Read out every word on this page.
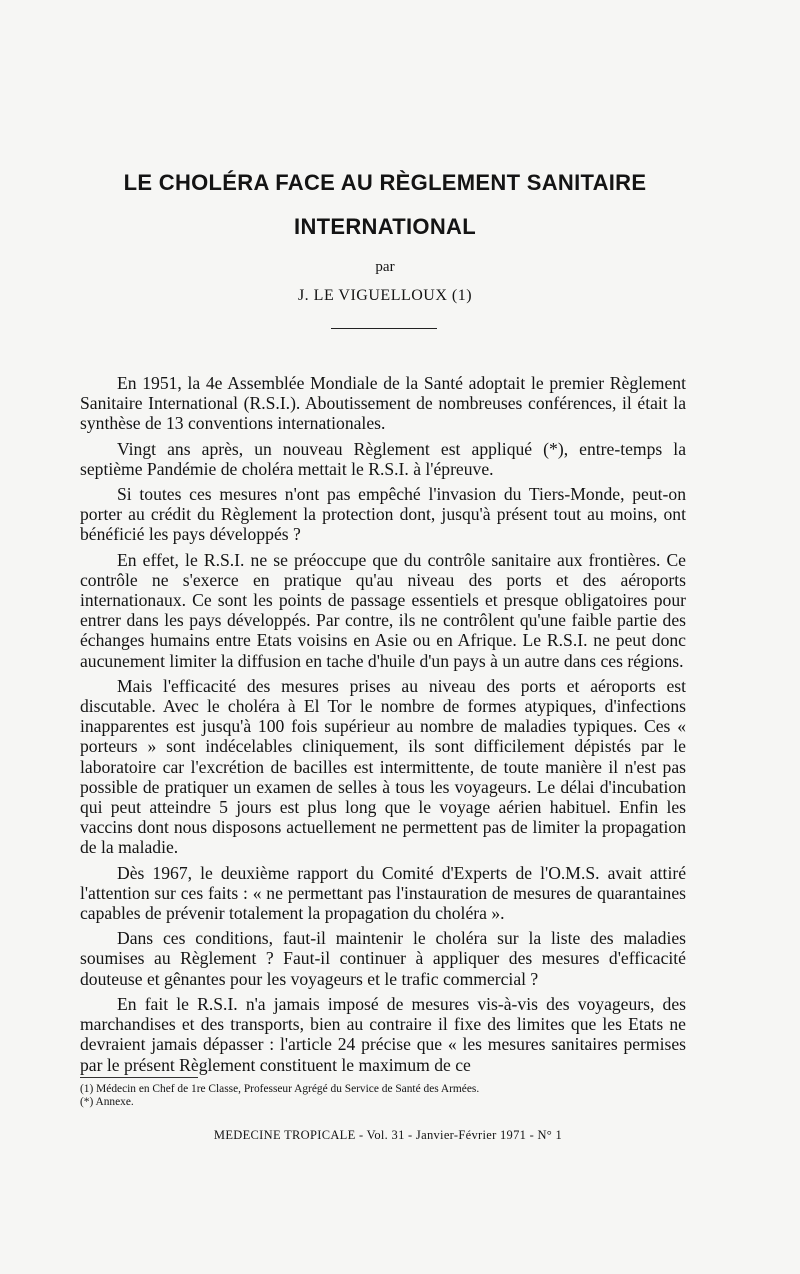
LE CHOLÉRA FACE AU RÈGLEMENT SANITAIRE
INTERNATIONAL

par

J. LE VIGUELLOUX (1)

En 1951, la 4e Assemblée Mondiale de la Santé adoptait le premier Règlement Sanitaire International (R.S.I.). Aboutissement de nombreuses conférences, il était la synthèse de 13 conventions internationales.

Vingt ans après, un nouveau Règlement est appliqué (*), entre-temps la septième Pandémie de choléra mettait le R.S.I. à l'épreuve.

Si toutes ces mesures n'ont pas empêché l'invasion du Tiers-Monde, peut-on porter au crédit du Règlement la protection dont, jusqu'à présent tout au moins, ont bénéficié les pays développés ?

En effet, le R.S.I. ne se préoccupe que du contrôle sanitaire aux frontières. Ce contrôle ne s'exerce en pratique qu'au niveau des ports et des aéroports internationaux. Ce sont les points de passage essentiels et presque obligatoires pour entrer dans les pays développés. Par contre, ils ne contrôlent qu'une faible partie des échanges humains entre Etats voisins en Asie ou en Afrique. Le R.S.I. ne peut donc aucunement limiter la diffusion en tache d'huile d'un pays à un autre dans ces régions.

Mais l'efficacité des mesures prises au niveau des ports et aéroports est discutable. Avec le choléra à El Tor le nombre de formes atypiques, d'infections inapparentes est jusqu'à 100 fois supérieur au nombre de maladies typiques. Ces « porteurs » sont indécelables cliniquement, ils sont difficilement dépistés par le laboratoire car l'excrétion de bacilles est intermittente, de toute manière il n'est pas possible de pratiquer un examen de selles à tous les voyageurs. Le délai d'incubation qui peut atteindre 5 jours est plus long que le voyage aérien habituel. Enfin les vaccins dont nous disposons actuellement ne permettent pas de limiter la propagation de la maladie.

Dès 1967, le deuxième rapport du Comité d'Experts de l'O.M.S. avait attiré l'attention sur ces faits : « ne permettant pas l'instauration de mesures de quarantaines capables de prévenir totalement la propagation du choléra ».

Dans ces conditions, faut-il maintenir le choléra sur la liste des maladies soumises au Règlement ? Faut-il continuer à appliquer des mesures d'efficacité douteuse et gênantes pour les voyageurs et le trafic commercial ?

En fait le R.S.I. n'a jamais imposé de mesures vis-à-vis des voyageurs, des marchandises et des transports, bien au contraire il fixe des limites que les Etats ne devraient jamais dépasser : l'article 24 précise que « les mesures sanitaires permises par le présent Règlement constituent le maximum de ce

(1) Médecin en Chef de 1re Classe, Professeur Agrégé du Service de Santé des Armées.
(*) Annexe.
MEDECINE TROPICALE - Vol. 31 - Janvier-Février 1971 - N° 1
